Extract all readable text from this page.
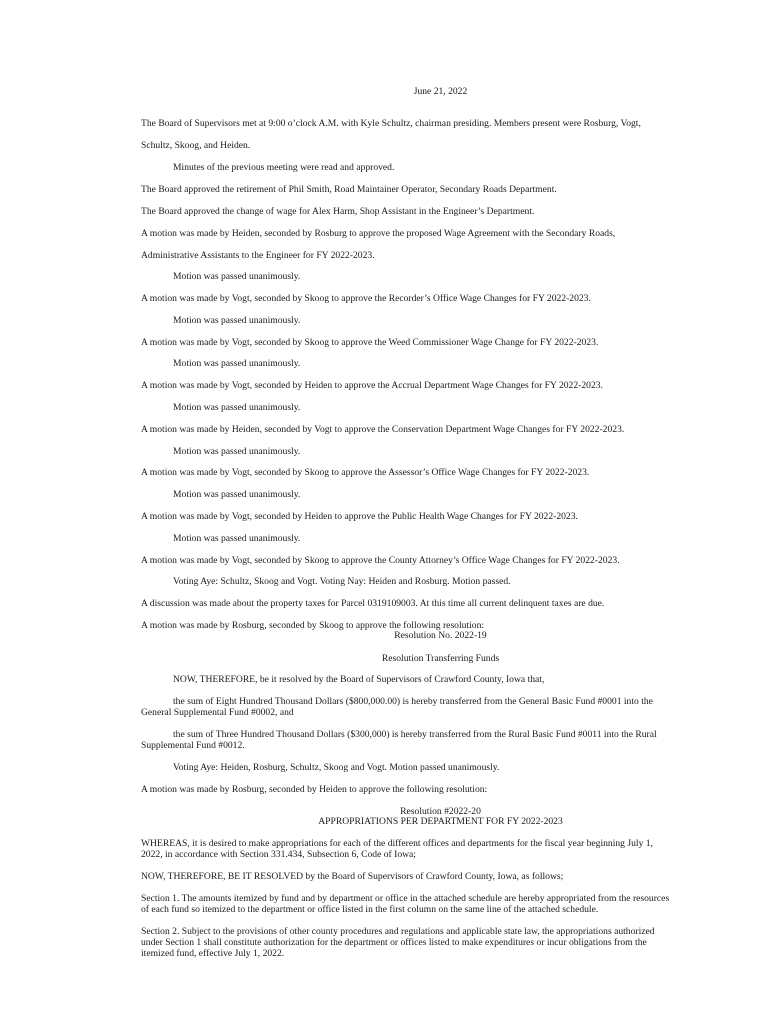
June 21, 2022
The Board of Supervisors met at 9:00 o’clock A.M. with Kyle Schultz, chairman presiding. Members present were Rosburg, Vogt,
Schultz, Skoog, and Heiden.
Minutes of the previous meeting were read and approved.
The Board approved the retirement of Phil Smith, Road Maintainer Operator, Secondary Roads Department.
The Board approved the change of wage for Alex Harm, Shop Assistant in the Engineer’s Department.
A motion was made by Heiden, seconded by Rosburg to approve the proposed Wage Agreement with the Secondary Roads,
Administrative Assistants to the Engineer for FY 2022-2023.
Motion was passed unanimously.
A motion was made by Vogt, seconded by Skoog to approve the Recorder’s Office Wage Changes for FY 2022-2023.
Motion was passed unanimously.
A motion was made by Vogt, seconded by Skoog to approve the Weed Commissioner Wage Change for FY 2022-2023.
Motion was passed unanimously.
A motion was made by Vogt, seconded by Heiden to approve the Accrual Department Wage Changes for FY 2022-2023.
Motion was passed unanimously.
A motion was made by Heiden, seconded by Vogt to approve the Conservation Department Wage Changes for FY 2022-2023.
Motion was passed unanimously.
A motion was made by Vogt, seconded by Skoog to approve the Assessor’s Office Wage Changes for FY 2022-2023.
Motion was passed unanimously.
A motion was made by Vogt, seconded by Heiden to approve the Public Health Wage Changes for FY 2022-2023.
Motion was passed unanimously.
A motion was made by Vogt, seconded by Skoog to approve the County Attorney’s Office Wage Changes for FY 2022-2023.
Voting Aye: Schultz, Skoog and Vogt. Voting Nay: Heiden and Rosburg. Motion passed.
A discussion was made about the property taxes for Parcel 0319109003. At this time all current delinquent taxes are due.
A motion was made by Rosburg, seconded by Skoog to approve the following resolution:
Resolution No. 2022-19
Resolution Transferring Funds
NOW, THEREFORE, be it resolved by the Board of Supervisors of Crawford County, Iowa that,
the sum of Eight Hundred Thousand Dollars ($800,000.00) is hereby transferred from the General Basic Fund #0001 into the
General Supplemental Fund #0002, and
the sum of Three Hundred Thousand Dollars ($300,000) is hereby transferred from the Rural Basic Fund #0011 into the Rural
Supplemental Fund #0012.
Voting Aye: Heiden, Rosburg, Schultz, Skoog and Vogt. Motion passed unanimously.
A motion was made by Rosburg, seconded by Heiden to approve the following resolution:
Resolution #2022-20
APPROPRIATIONS PER DEPARTMENT FOR FY 2022-2023
WHEREAS, it is desired to make appropriations for each of the different offices and departments for the fiscal year beginning July 1,
2022, in accordance with Section 331.434, Subsection 6, Code of Iowa;
NOW, THEREFORE, BE IT RESOLVED by the Board of Supervisors of Crawford County, Iowa, as follows;
Section 1. The amounts itemized by fund and by department or office in the attached schedule are hereby appropriated from the resources
of each fund so itemized to the department or office listed in the first column on the same line of the attached schedule.
Section 2. Subject to the provisions of other county procedures and regulations and applicable state law, the appropriations authorized
under Section 1 shall constitute authorization for the department or offices listed to make expenditures or incur obligations from the
itemized fund, effective July 1, 2022.
